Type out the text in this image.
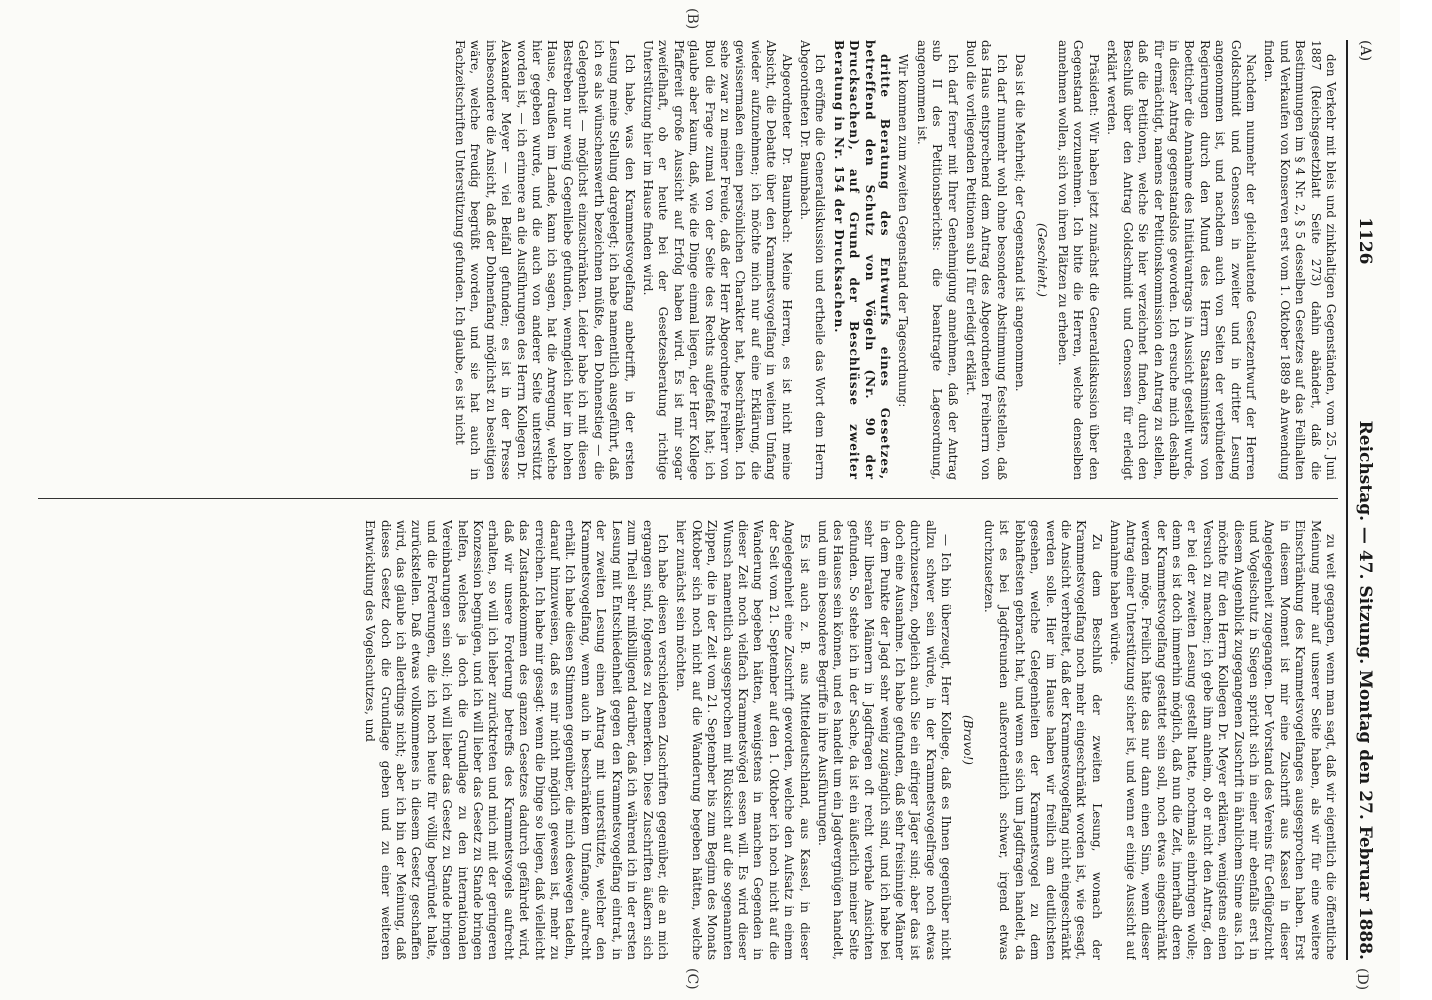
(A)
1126
Reichstag. — 47. Sitzung. Montag den 27. Februar 1888.

den Verkehr mit bleis und zinkhaltigen Gegenständen, vom 25. Juni 1887 (Reichsgesetzblatt Seite 273) dahin abändert, daß die Bestimmungen im § 4 Nr. 2, § 5 desselben Gesetzes auf das Feilhalten und Verkaufen von Konserven erst vom 1. Oktober 1889 ab Anwendung finden.

Nachdem nunmehr der gleichlautende Gesetzentwurf der Herren Goldschmidt und Genossen in zweiter und in dritter Lesung angenommen ist, und nachdem auch von Seiten der verbündeten Regierungen durch den Mund des Herrn Staatsministers von Boetticher die Annahme des Initiativantrags in Aussicht gestellt wurde, in dieser Antrag gegenstandslos geworden. Ich ersuche mich deshalb für ermächtigt, namens der Petitionskommission den Antrag zu stellen, daß die Petitionen, welche Sie hier verzeichnet finden, durch den Beschluß über den Antrag Goldschmidt und Genossen für erledigt erklärt werden.

Präsident: Wir haben jetzt zunächst die Generaldiskussion über den Gegenstand vorzunehmen. Ich bitte die Herren, welche denselben annehmen wollen, sich von ihren Plätzen zu erheben.

(Geschieht.)

Das ist die Mehrheit; der Gegenstand ist angenommen.

Ich darf nunmehr wohl ohne besondere Abstimmung feststellen, daß das Haus entsprechend dem Antrag des Abgeordneten Freiherrn von Buol die vorliegenden Petitionen sub I für erledigt erklärt.

Ich darf ferner mit Ihrer Genehmigung annehmen, daß der Antrag sub II des Petitionsberichts: die beantragte Lagesordnung, angenommen ist.

Wir kommen zum zweiten Gegenstand der Tagesordnung:

dritte Beratung des Entwurfs eines Gesetzes, betreffend den Schutz von Vögeln (Nr. 90 der Drucksachen), auf Grund der Beschlüsse zweiter Beratung in Nr. 154 der Drucksachen.

Ich eröffne die Generaldiskussion und ertheile das Wort dem Herrn Abgeordneten Dr. Baumbach.

Abgeordneter Dr. Baumbach: Meine Herren, es ist nicht meine Absicht, die Debatte über den Krammetsvogelfang in weitem Umfang wieder aufzunehmen; ich möchte mich nur auf eine Erklärung, die gewissermaßen einen persönlichen Charakter hat, beschränken. Ich sehe zwar zu meiner Freude, daß der Herr Abgeordnete Freiherr von Buol die Frage zumal von der Seite des Rechts aufgefaßt hat; ich glaube aber kaum, daß, wie die Dinge einmal liegen, der Herr Kollege Pfaffereit große Aussicht auf Erfolg haben wird. Es ist mir sogar zweifelhaft, ob er heute bei der Gesetzesberatung richtige Unterstützung hier im Hause finden wird.

Ich habe, was den Krammetsvogelfang anbetrifft, in der ersten Lesung meine Stellung dargelegt; ich habe namentlich ausgeführt, daß ich es als wünschenswerth bezeichnen müßte, den Dohnenstieg — die Gelegenheit — möglichst einzuschränken. Leider habe ich mit diesen Bestreben nur wenig Gegenliebe gefunden, wenngleich hier im hohen Hause, draußen im Lande, kann ich sagen, hat die Anregung, welche hier gegeben wurde, und die auch von anderer Seite unterstützt worden ist, — ich erinnere an die Ausführungen des Herrn Kollegen Dr. Alexander Meyer — viel Beifall gefunden; es ist in der Presse insbesondere die Ansicht, daß der Dohnenfang möglichst zu beseitigen wäre, welche freudig begrüßt worden, und sie hat auch in Fachzeitschriften Unterstützung gefunden. Ich glaube, es ist nicht

zu weit gegangen, wenn man sagt, daß wir eigentlich die öffentliche Meinung mehr auf unserer Seite haben, als wir für eine weitere Einschränkung des Krammetsvogelfanges ausgesprochen haben. Erst in diesem Moment ist mir eine Zuschrift aus Kassel in dieser Angelegenheit zugegangen. Der Vorstand des Vereins für Geflügelzucht und Vogelschutz in Siegen spricht sich in einer mir ebenfalls erst in diesem Augenblick zugegangenen Zuschrift in ähnlichem Sinne aus. Ich möchte für den Herrn Kollegen Dr. Meyer erklären, wenigstens einen Versuch zu machen; ich gebe ihm anheim, ob er nicht den Antrag, den er bei der zweiten Lesung gestellt hatte, nochmals einbringen wolle; denn es ist doch immerhin möglich, daß nun die Zeit, innerhalb deren der Krammetsvogelfang gestattet sein soll, noch etwas eingeschränkt werden möge. Freilich hätte das nur dann einen Sinn, wenn dieser Antrag einer Unterstützung sicher ist, und wenn er einige Aussicht auf Annahme haben würde.

Zu dem Beschluß der zweiten Lesung, wonach der Krammetsvogelfang noch mehr eingeschränkt worden ist, wie gesagt, die Ansicht verbreitet, daß der Krammetsvogelfang nicht eingeschränkt werden solle. Hier im Hause haben wir freilich am deutlichsten gesehen, welche Gelegenheiten der Krammetsvogel zu dem lebhaftesten gebracht hat, und wenn es sich um Jagdfragen handelt, da ist es bei Jagdfreunden außerordentlich schwer, irgend etwas durchzusetzen.

(Bravo!)

— Ich bin überzeugt, Herr Kollege, daß es Ihnen gegenüber nicht allzu schwer sein würde, in der Krammetsvogelfrage noch etwas durchzusetzen, obgleich auch Sie ein eifriger Jäger sind; aber das ist doch eine Ausnahme. Ich habe gefunden, daß sehr freisinnige Männer in dem Punkte der Jagd sehr wenig zugänglich sind, und ich habe bei sehr liberalen Männern in Jagdfragen oft recht verbale Ansichten gefunden. So stehe ich in der Sache, da ist ein äußerlich meiner Seite des Hauses sein können, und es handelt um ein Jagdvergnügen handelt, und um ein besondere Begriffe in ihre Ausführungen.

Es ist auch z. B. aus Mitteldeutschland, aus Kassel, in dieser Angelegenheit eine Zuschrift geworden, welche den Aufsatz in einem der Seit vom 21. September auf den 1. Oktober ich noch nicht auf die Wanderung begeben hätten, wenigstens in manchen Gegenden in dieser Zeit noch vielfach Krammetsvögel essen will. Es wird dieser Wunsch namentlich ausgesprochen mit Rücksicht auf die sogenannten Zippen, die in der Zeit vom 21. September bis zum Beginn des Monats Oktober sich noch nicht auf die Wanderung begeben hätten, welche hier zunächst sein möchten.

Ich habe diesen verschiedenen Zuschriften gegenüber, die an mich ergangen sind, folgendes zu bemerken. Diese Zuschriften äußern sich zum Theil sehr mißbilligend darüber, daß ich während ich in der ersten Lesung mit Entschiedenheit gegen den Krammetsvogelfang eintrat, in der zweiten Lesung einen Antrag mit unterstützte, welcher den Krammetsvogelfang, wenn auch in beschränktem Umfange, aufrecht erhält. Ich habe diesen Stimmen gegenüber, die mich deswegen tadeln, darauf hinzuweisen, daß es mir nicht möglich gewesen ist, mehr zu erreichen. Ich habe mir gesagt: wenn die Dinge so liegen, daß vielleicht das Zustandekommen des ganzen Gesetzes dadurch gefährdet wird, daß wir unsere Forderung betreffs des Krammetsvogels aufrecht erhalten, so will ich lieber zurücktreten und mich mit der geringeren Konzession begnügen, und ich will lieber das Gesetz zu Stande bringen helfen, welches ja doch die Grundlage zu den internationalen Vereinbarungen sein soll; ich will lieber das Gesetz zu Stande bringen und die Forderungen, die ich noch heute für völlig begründet halte, zurückstellen. Daß etwas vollkommenes in diesem Gesetz geschaffen wird, das glaube ich allerdings nicht; aber ich bin der Meinung, daß dieses Gesetz doch die Grundlage geben und zu einer weiteren Entwicklung des Vogelschutzes, und

(B)
(C)	(D)
